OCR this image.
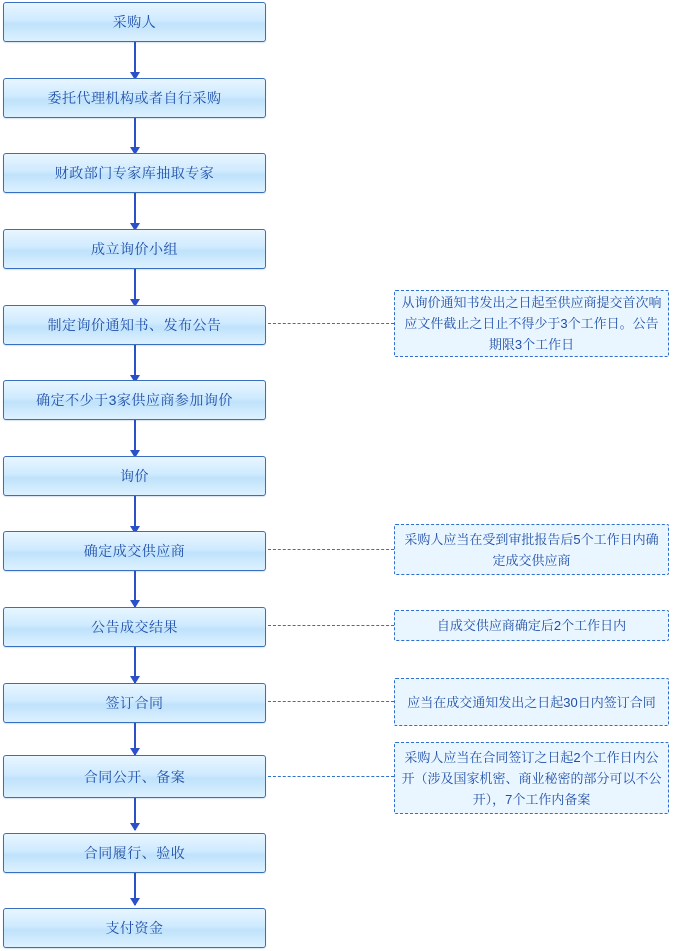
采购人
委托代理机构或者自行采购
财政部门专家库抽取专家
成立询价小组
制定询价通知书、发布公告
确定不少于3家供应商参加询价
询价
确定成交供应商
公告成交结果
签订合同
合同公开、备案
合同履行、验收
支付资金
从询价通知书发出之日起至供应商提交首次响应文件截止之日止不得少于3个工作日。公告期限3个工作日
采购人应当在受到审批报告后5个工作日内确定成交供应商
自成交供应商确定后2个工作日内
应当在成交通知发出之日起30日内签订合同
采购人应当在合同签订之日起2个工作日内公开（涉及国家机密、商业秘密的部分可以不公开），7个工作内备案
